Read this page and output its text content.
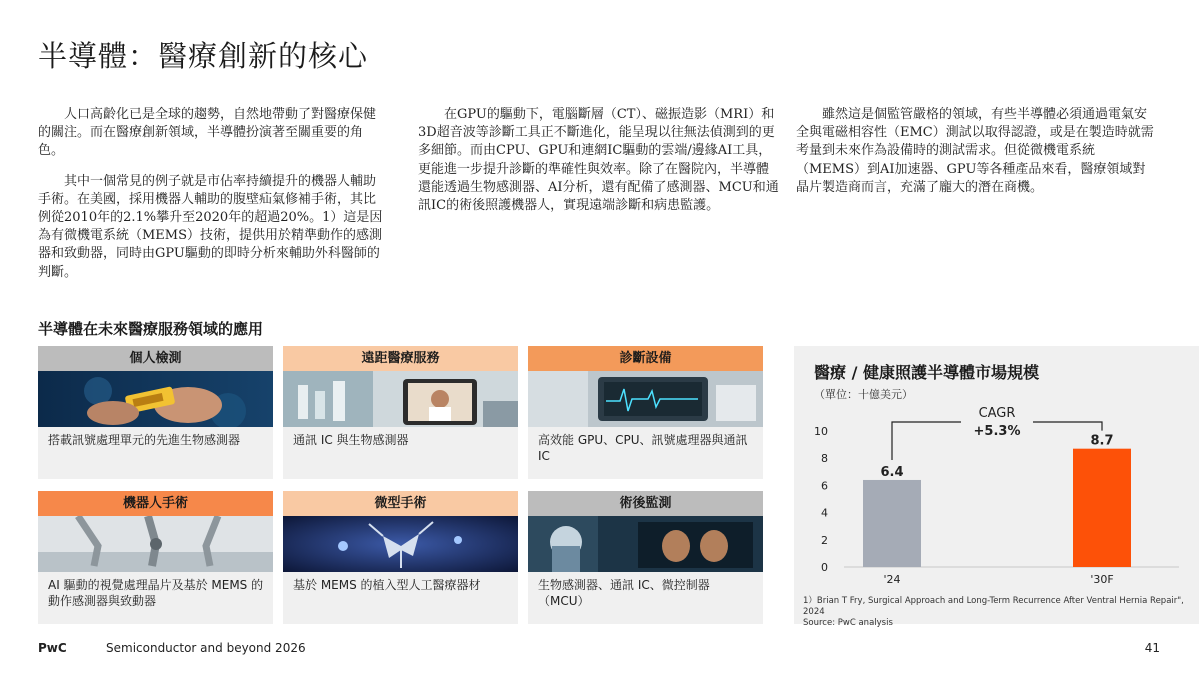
半導體：醫療創新的核心

人口高齡化已是全球的趨勢，自然地帶動了對醫療保健的關注。而在醫療創新領域，半導體扮演著至關重要的角色。

其中一個常見的例子就是市佔率持續提升的機器人輔助手術。在美國，採用機器人輔助的腹壁疝氣修補手術，其比例從2010年的2.1%攀升至2020年的超過20%。1）這是因為有微機電系統（MEMS）技術，提供用於精準動作的感測器和致動器，同時由GPU驅動的即時分析來輔助外科醫師的判斷。

在GPU的驅動下，電腦斷層（CT）、磁振造影（MRI）和3D超音波等診斷工具正不斷進化，能呈現以往無法偵測到的更多細節。而由CPU、GPU和連網IC驅動的雲端/邊緣AI工具，更能進一步提升診斷的準確性與效率。除了在醫院內，半導體還能透過生物感測器、AI分析，還有配備了感測器、MCU和通訊IC的術後照護機器人，實現遠端診斷和病患監護。

雖然這是個監管嚴格的領域，有些半導體必須通過電氣安全與電磁相容性（EMC）測試以取得認證，或是在製造時就需考量到未來作為設備時的測試需求。但從微機電系統（MEMS）到AI加速器、GPU等各種產品來看，醫療領域對晶片製造商而言，充滿了龐大的潛在商機。

半導體在未來醫療服務領域的應用
個人檢測
搭載訊號處理單元的先進生物感測器
遠距醫療服務
通訊 IC 與生物感測器
診斷設備
高效能 GPU、CPU、訊號處理器與通訊 IC
機器人手術
AI 驅動的視覺處理晶片及基於 MEMS 的動作感測器與致動器
微型手術
基於 MEMS 的植入型人工醫療器材
術後監測
生物感測器、通訊 IC、微控制器（MCU）
醫療 / 健康照護半導體市場規模
（單位：十億美元）
0
2
4
6
8
10
6.4
'24
8.7
'30F
CAGR
+5.3%
1）Brian T Fry, Surgical Approach and Long-Term Recurrence After Ventral Hernia Repair", 2024
Source: PwC analysis
PwC	Semiconductor and beyond 2026	41
